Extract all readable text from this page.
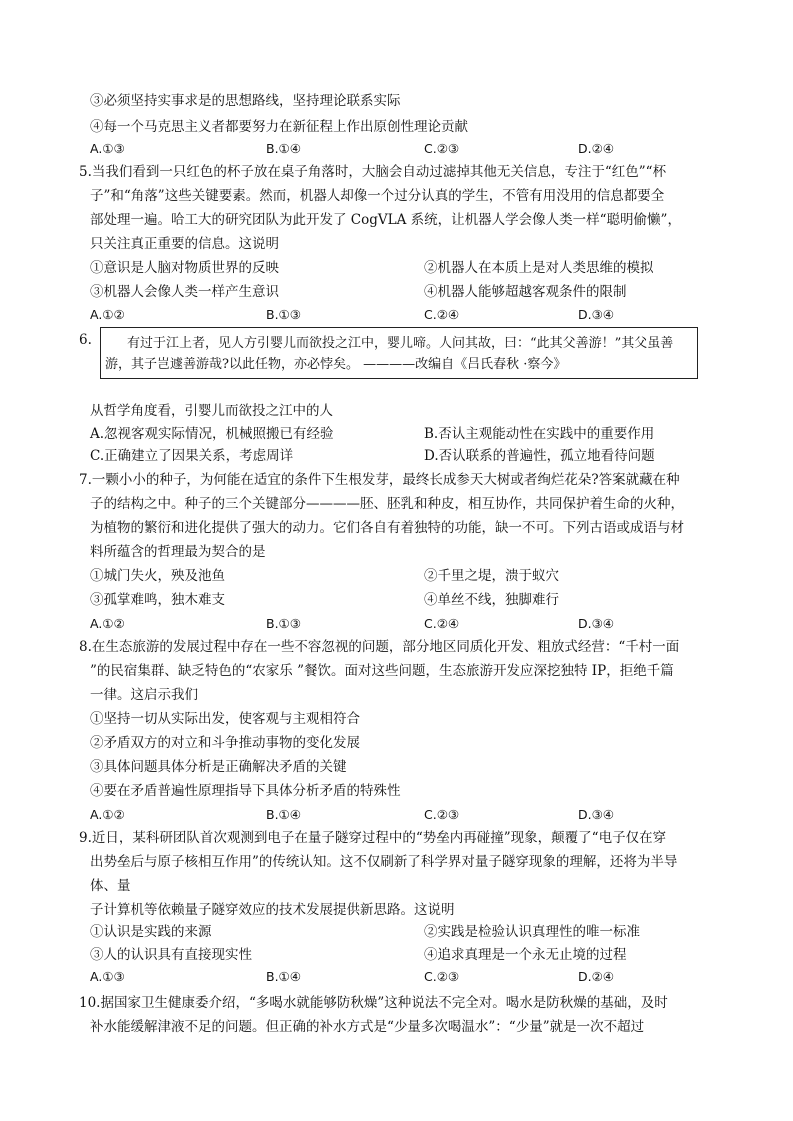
③必须坚持实事求是的思想路线，坚持理论联系实际
④每一个马克思主义者都要努力在新征程上作出原创性理论贡献
A.①③	B.①④	C.②③	D.②④
5.当我们看到一只红色的杯子放在桌子角落时，大脑会自动过滤掉其他无关信息，专注于“红色”“杯
子”和“角落”这些关键要素。然而，机器人却像一个过分认真的学生，不管有用没用的信息都要全
部处理一遍。哈工大的研究团队为此开发了 CogVLA 系统，让机器人学会像人类一样“聪明偷懒”，
只关注真正重要的信息。这说明
①意识是人脑对物质世界的反映	②机器人在本质上是对人类思维的模拟
③机器人会像人类一样产生意识	④机器人能够超越客观条件的限制
A.①②	B.①③	C.②④	D.③④
6.	有过于江上者，见人方引婴儿而欲投之江中，婴儿啼。人问其故，曰：“此其父善游！”其父虽善
游，其子岂遽善游哉?以此任物，亦必悖矣。 ————改编自《吕氏春秋 ·察今》
从哲学角度看，引婴儿而欲投之江中的人
A.忽视客观实际情况，机械照搬已有经验	B.否认主观能动性在实践中的重要作用
C.正确建立了因果关系，考虑周详	D.否认联系的普遍性，孤立地看待问题
7.一颗小小的种子，为何能在适宜的条件下生根发芽，最终长成参天大树或者绚烂花朵?答案就藏在种
子的结构之中。种子的三个关键部分————胚、胚乳和种皮，相互协作，共同保护着生命的火种，
为植物的繁衍和进化提供了强大的动力。它们各自有着独特的功能，缺一不可。下列古语或成语与材
料所蕴含的哲理最为契合的是
①城门失火，殃及池鱼	②千里之堤，溃于蚁穴
③孤掌难鸣，独木难支	④单丝不线，独脚难行
A.①②	B.①③	C.②④	D.③④
8.在生态旅游的发展过程中存在一些不容忽视的问题，部分地区同质化开发、粗放式经营：“千村一面
”的民宿集群、缺乏特色的“农家乐 ”餐饮。面对这些问题，生态旅游开发应深挖独特 IP，拒绝千篇
一律。这启示我们
①坚持一切从实际出发，使客观与主观相符合
②矛盾双方的对立和斗争推动事物的变化发展
③具体问题具体分析是正确解决矛盾的关键
④要在矛盾普遍性原理指导下具体分析矛盾的特殊性
A.①②	B.①④	C.②③	D.③④
9.近日，某科研团队首次观测到电子在量子隧穿过程中的“势垒内再碰撞”现象，颠覆了“电子仅在穿
出势垒后与原子核相互作用”的传统认知。这不仅刷新了科学界对量子隧穿现象的理解，还将为半导
体、量
子计算机等依赖量子隧穿效应的技术发展提供新思路。这说明
①认识是实践的来源	②实践是检验认识真理性的唯一标准
③人的认识具有直接现实性	④追求真理是一个永无止境的过程
A.①③	B.①④	C.②③	D.②④
10.据国家卫生健康委介绍，“多喝水就能够防秋燥”这种说法不完全对。喝水是防秋燥的基础，及时
补水能缓解津液不足的问题。但正确的补水方式是“少量多次喝温水”：“少量”就是一次不超过
